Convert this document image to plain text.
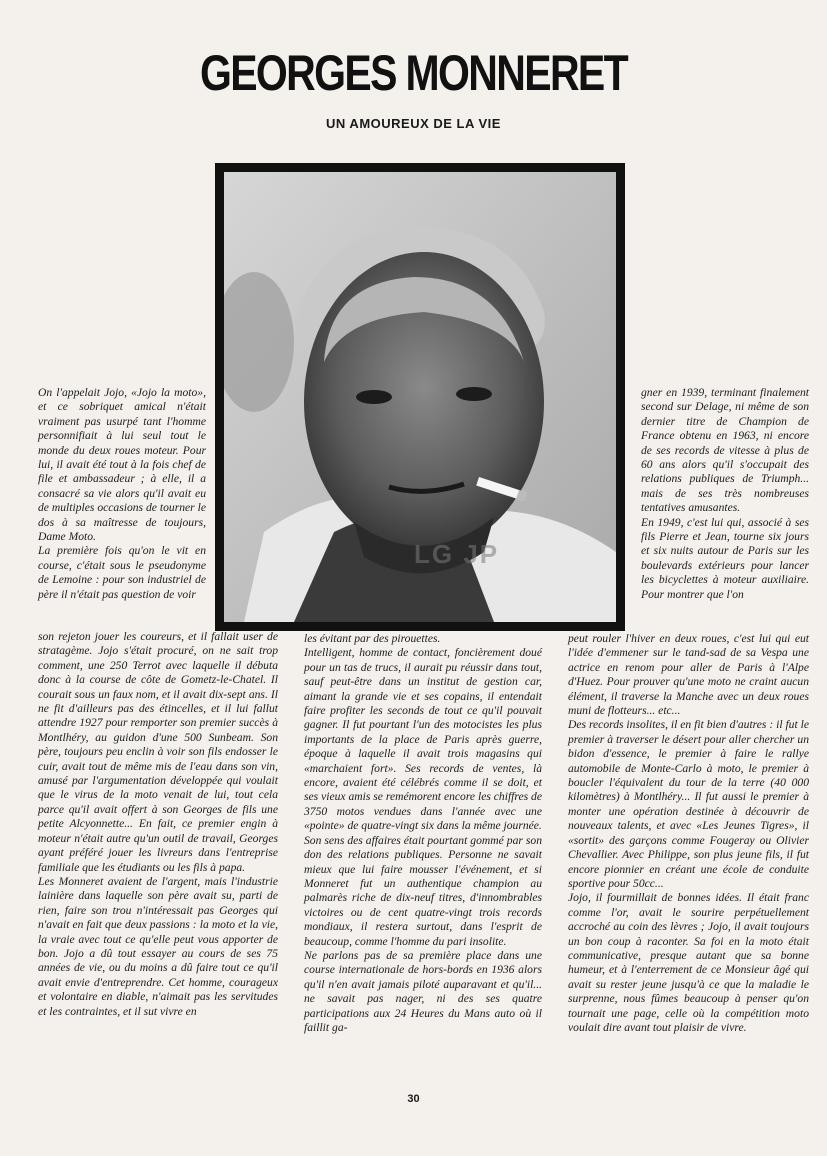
GEORGES MONNERET
UN AMOUREUX DE LA VIE
LG JP

On l'appelait Jojo, «Jojo la moto», et ce sobriquet amical n'était vraiment pas usurpé tant l'homme personnifiait à lui seul tout le monde du deux roues moteur. Pour lui, il avait été tout à la fois chef de file et ambassadeur ; à elle, il a consacré sa vie alors qu'il avait eu de multiples occasions de tourner le dos à sa maîtresse de toujours, Dame Moto.

La première fois qu'on le vit en course, c'était sous le pseudonyme de Lemoine : pour son industriel de père il n'était pas question de voir

son rejeton jouer les coureurs, et il fallait user de stratagème. Jojo s'était procuré, on ne sait trop comment, une 250 Terrot avec laquelle il débuta donc à la course de côte de Gometz-le-Chatel. Il courait sous un faux nom, et il avait dix-sept ans. Il ne fit d'ailleurs pas des étincelles, et il lui fallut attendre 1927 pour remporter son premier succès à Montlhéry, au guidon d'une 500 Sunbeam. Son père, toujours peu enclin à voir son fils endosser le cuir, avait tout de même mis de l'eau dans son vin, amusé par l'argumentation développée qui voulait que le virus de la moto venait de lui, tout cela parce qu'il avait offert à son Georges de fils une petite Alcyonnette... En fait, ce premier engin à moteur n'était autre qu'un outil de travail, Georges ayant préféré jouer les livreurs dans l'entreprise familiale que les étudiants ou les fils à papa.

Les Monneret avaient de l'argent, mais l'industrie lainière dans laquelle son père avait su, parti de rien, faire son trou n'intéressait pas Georges qui n'avait en fait que deux passions : la moto et la vie, la vraie avec tout ce qu'elle peut vous apporter de bon. Jojo a dû tout essayer au cours de ses 75 années de vie, ou du moins a dû faire tout ce qu'il avait envie d'entreprendre. Cet homme, courageux et volontaire en diable, n'aimait pas les servitudes et les contraintes, et il sut vivre en

les évitant par des pirouettes.

Intelligent, homme de contact, foncièrement doué pour un tas de trucs, il aurait pu réussir dans tout, sauf peut-être dans un institut de gestion car, aimant la grande vie et ses copains, il entendait faire profiter les seconds de tout ce qu'il pouvait gagner. Il fut pourtant l'un des motocistes les plus importants de la place de Paris après guerre, époque à laquelle il avait trois magasins qui «marchaient fort». Ses records de ventes, là encore, avaient été célébrés comme il se doit, et ses vieux amis se remémorent encore les chiffres de 3750 motos vendues dans l'année avec une «pointe» de quatre-vingt six dans la même journée.

Son sens des affaires était pourtant gommé par son don des relations publiques. Personne ne savait mieux que lui faire mousser l'événement, et si Monneret fut un authentique champion au palmarès riche de dix-neuf titres, d'innombrables victoires ou de cent quatre-vingt trois records mondiaux, il restera surtout, dans l'esprit de beaucoup, comme l'homme du pari insolite.

Ne parlons pas de sa première place dans une course internationale de hors-bords en 1936 alors qu'il n'en avait jamais piloté auparavant et qu'il... ne savait pas nager, ni des ses quatre participations aux 24 Heures du Mans auto où il faillit ga-

gner en 1939, terminant finalement second sur Delage, ni même de son dernier titre de Champion de France obtenu en 1963, ni encore de ses records de vitesse à plus de 60 ans alors qu'il s'occupait des relations publiques de Triumph... mais de ses très nombreuses tentatives amusantes.

En 1949, c'est lui qui, associé à ses fils Pierre et Jean, tourne six jours et six nuits autour de Paris sur les boulevards extérieurs pour lancer les bicyclettes à moteur auxiliaire. Pour montrer que l'on

peut rouler l'hiver en deux roues, c'est lui qui eut l'idée d'emmener sur le tand-sad de sa Vespa une actrice en renom pour aller de Paris à l'Alpe d'Huez. Pour prouver qu'une moto ne craint aucun élément, il traverse la Manche avec un deux roues muni de flotteurs... etc...

Des records insolites, il en fit bien d'autres : il fut le premier à traverser le désert pour aller chercher un bidon d'essence, le premier à faire le rallye automobile de Monte-Carlo à moto, le premier à boucler l'équivalent du tour de la terre (40 000 kilomètres) à Montlhéry... Il fut aussi le premier à monter une opération destinée à découvrir de nouveaux talents, et avec «Les Jeunes Tigres», il «sortit» des garçons comme Fougeray ou Olivier Chevallier. Avec Philippe, son plus jeune fils, il fut encore pionnier en créant une école de conduite sportive pour 50cc...

Jojo, il fourmillait de bonnes idées. Il était franc comme l'or, avait le sourire perpétuellement accroché au coin des lèvres ; Jojo, il avait toujours un bon coup à raconter. Sa foi en la moto était communicative, presque autant que sa bonne humeur, et à l'enterrement de ce Monsieur âgé qui avait su rester jeune jusqu'à ce que la maladie le surprenne, nous fûmes beaucoup à penser qu'on tournait une page, celle où la compétition moto voulait dire avant tout plaisir de vivre.

30
